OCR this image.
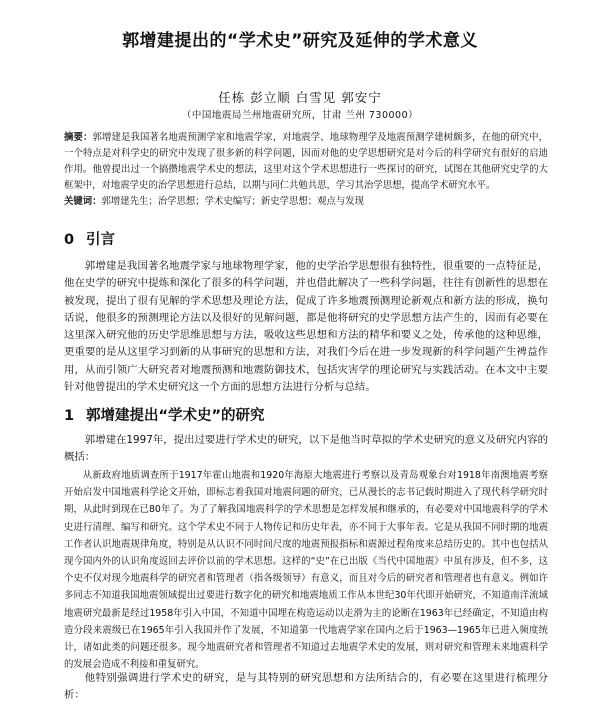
郭增建提出的“学术史”研究及延伸的学术意义
任栋 彭立顺 白雪见 郭安宁
（中国地震局兰州地震研究所，甘肃 兰州 730000）
摘要：郭增建是我国著名地震预测学家和地震学家，对地震学、地球物理学及地震预测学建树颇多，在他的研究中，一个特点是对科学史的研究中发现了很多新的科学问题，因而对他的史学思想研究是对今后的科学研究有很好的启迪作用。他曾提出过一个搞攒地震学术史的想法，这里对这个学术思想进行一些探讨的研究，试图在其他研究史学的大框架中，对地震学史的治学思想进行总结，以期与同仁共勉共思，学习其治学思想，提高学术研究水平。
关键词：郭增建先生；治学思想；学术史编写；新史学思想；观点与发现
0 引言

郭增建是我国著名地震学家与地球物理学家，他的史学治学思想很有独特性，很重要的一点特征是，他在史学的研究中提炼和深化了很多的科学问题，并也借此解决了一些科学问题，往往有创新性的思想在被发现，提出了很有见解的学术思想及理论方法，促成了许多地震预测理论新观点和新方法的形成，换句话说，他很多的预测理论方法以及很好的见解问题，都是他将研究的史学思想方法产生的，因而有必要在这里深入研究他的历史学思维思想与方法，吸收这些思想和方法的精华和要义之处，传承他的这种思维，更重要的是从这里学习到新的从事研究的思想和方法，对我们今后在进一步发现新的科学问题产生裨益作用，从而引领广大研究者对地震预测和地震防御技术，包括灾害学的理论研究与实践活动。在本文中主要针对他曾提出的学术史研究这一个方面的思想方法进行分析与总结。

1 郭增建提出“学术史”的研究

郭增建在1997年，提出过要进行学术史的研究，以下是他当时草拟的学术史研究的意义及研究内容的概括：

从新政府地质调查所于1917年霍山地震和1920年海原大地震进行考察以及青岛观象台对1918年南澳地震考察开始启发中国地震科学论文开始，即标志着我国对地震问题的研究，已从漫长的志书记载时期进入了现代科学研究时期，从此时到现在已80年了。为了了解我国地震科学的学术思想是怎样发展和继承的，有必要对中国地震科学的学术史进行清理、编写和研究。这个学术史不同于人物传记和历史年表，亦不同于大事年表。它是从我国不同时期的地震工作者认识地震规律角度，特别是从认识不同时间尺度的地震预报指标和震源过程角度来总结历史的。其中也包括从现今国内外的认识角度返回去评价以前的学术思想。这样的“史”在已出版《当代中国地震》中虽有涉及，但不多，这个史不仅对现今地震科学的研究者和管理者（指各级领导）有意义，而且对今后的研究者和管理者也有意义。例如许多同志不知道我国地震领域提出过要进行数字化的研究和地震地质工作从本世纪30年代即开始研究，不知道南洋流域地震研究最新是经过1958年引入中国，不知道中国埋在构造运动以走滑为主的论断在1963年已经确定，不知道由构造分段来震级已在1965年引入我国并作了发展，不知道第一代地震学家在国内之后于1963—1965年已进入频度统计，诸如此类的问题还很多。现今地震研究者和管理者不知道过去地震学术史的发展，则对研究和管理未来地震科学的发展会造成不利接和重复研究。

他特别强调进行学术史的研究，是与其特别的研究思想和方法所结合的，有必要在这里进行梳理分析：
